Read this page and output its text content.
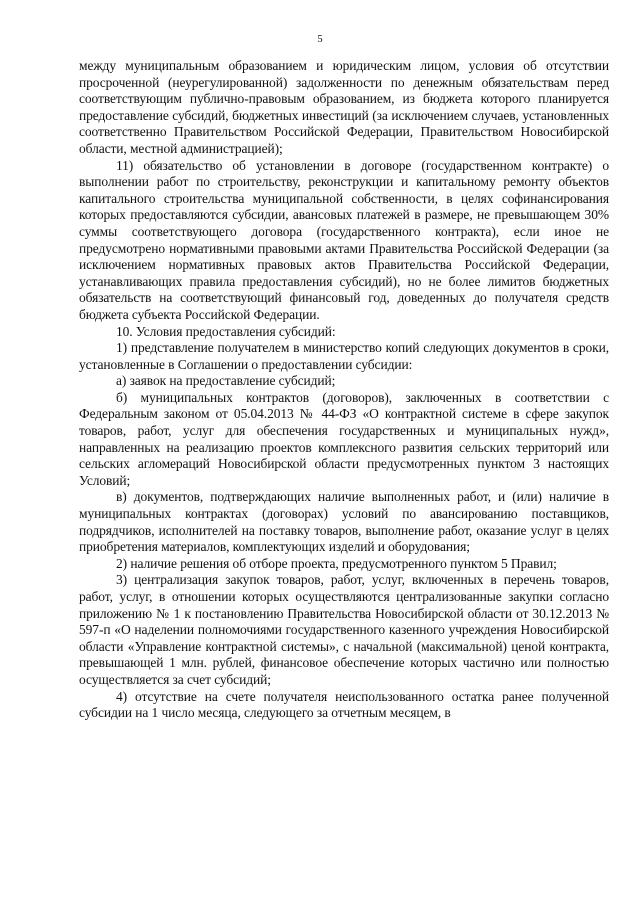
5

между муниципальным образованием и юридическим лицом, условия об отсутствии просроченной (неурегулированной) задолженности по денежным обязательствам перед соответствующим публично-правовым образованием, из бюджета которого планируется предоставление субсидий, бюджетных инвестиций (за исключением случаев, установленных соответственно Правительством Российской Федерации, Правительством Новосибирской области, местной администрацией);

11) обязательство об установлении в договоре (государственном контракте) о выполнении работ по строительству, реконструкции и капитальному ремонту объектов капитального строительства муниципальной собственности, в целях софинансирования которых предоставляются субсидии, авансовых платежей в размере, не превышающем 30% суммы соответствующего договора (государственного контракта), если иное не предусмотрено нормативными правовыми актами Правительства Российской Федерации (за исключением нормативных правовых актов Правительства Российской Федерации, устанавливающих правила предоставления субсидий), но не более лимитов бюджетных обязательств на соответствующий финансовый год, доведенных до получателя средств бюджета субъекта Российской Федерации.

10. Условия предоставления субсидий:

1) представление получателем в министерство копий следующих документов в сроки, установленные в Соглашении о предоставлении субсидии:

а) заявок на предоставление субсидий;

б) муниципальных контрактов (договоров), заключенных в соответствии с Федеральным законом от 05.04.2013 № 44-ФЗ «О контрактной системе в сфере закупок товаров, работ, услуг для обеспечения государственных и муниципальных нужд», направленных на реализацию проектов комплексного развития сельских территорий или сельских агломераций Новосибирской области предусмотренных пунктом 3 настоящих Условий;

в) документов, подтверждающих наличие выполненных работ, и (или) наличие в муниципальных контрактах (договорах) условий по авансированию поставщиков, подрядчиков, исполнителей на поставку товаров, выполнение работ, оказание услуг в целях приобретения материалов, комплектующих изделий и оборудования;

2) наличие решения об отборе проекта, предусмотренного пунктом 5 Правил;

3) централизация закупок товаров, работ, услуг, включенных в перечень товаров, работ, услуг, в отношении которых осуществляются централизованные закупки согласно приложению № 1 к постановлению Правительства Новосибирской области от 30.12.2013 № 597-п «О наделении полномочиями государственного казенного учреждения Новосибирской области «Управление контрактной системы», с начальной (максимальной) ценой контракта, превышающей 1 млн. рублей, финансовое обеспечение которых частично или полностью осуществляется за счет субсидий;

4) отсутствие на счете получателя неиспользованного остатка ранее полученной субсидии на 1 число месяца, следующего за отчетным месяцем, в
